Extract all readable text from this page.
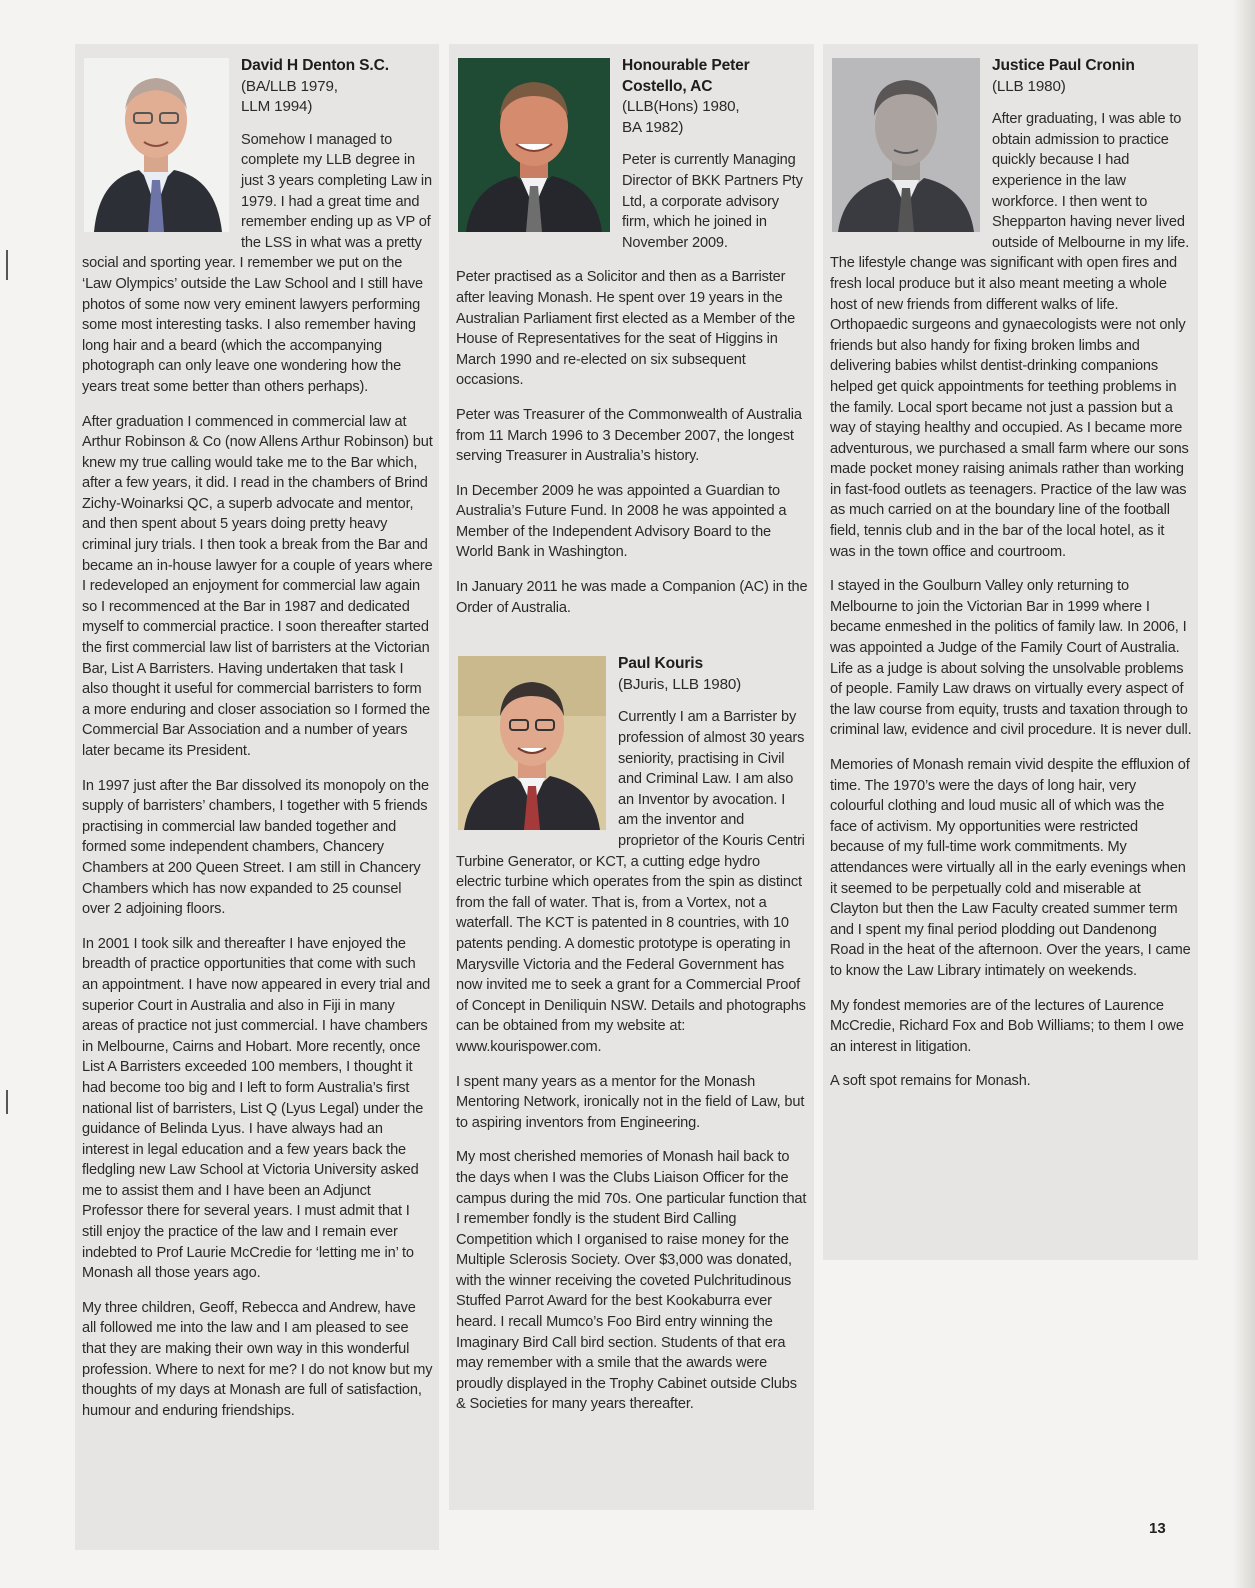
David H Denton S.C.
(BA/LLB 1979,
LLM 1994)

Somehow I managed to complete my LLB degree in just 3 years completing Law in 1979. I had a great time and remember ending up as VP of the LSS in what was a pretty social and sporting year. I remember we put on the ‘Law Olympics’ outside the Law School and I still have photos of some now very eminent lawyers performing some most interesting tasks. I also remember having long hair and a beard (which the accompanying photograph can only leave one wondering how the years treat some better than others perhaps).

After graduation I commenced in commercial law at Arthur Robinson & Co (now Allens Arthur Robinson) but knew my true calling would take me to the Bar which, after a few years, it did. I read in the chambers of Brind Zichy-Woinarksi QC, a superb advocate and mentor, and then spent about 5 years doing pretty heavy criminal jury trials. I then took a break from the Bar and became an in-house lawyer for a couple of years where I redeveloped an enjoyment for commercial law again so I recommenced at the Bar in 1987 and dedicated myself to commercial practice. I soon thereafter started the first commercial law list of barristers at the Victorian Bar, List A Barristers. Having undertaken that task I also thought it useful for commercial barristers to form a more enduring and closer association so I formed the Commercial Bar Association and a number of years later became its President.

In 1997 just after the Bar dissolved its monopoly on the supply of barristers’ chambers, I together with 5 friends practising in commercial law banded together and formed some independent chambers, Chancery Chambers at 200 Queen Street. I am still in Chancery Chambers which has now expanded to 25 counsel over 2 adjoining floors.

In 2001 I took silk and thereafter I have enjoyed the breadth of practice opportunities that come with such an appointment. I have now appeared in every trial and superior Court in Australia and also in Fiji in many areas of practice not just commercial. I have chambers in Melbourne, Cairns and Hobart. More recently, once List A Barristers exceeded 100 members, I thought it had become too big and I left to form Australia’s first national list of barristers, List Q (Lyus Legal) under the guidance of Belinda Lyus. I have always had an interest in legal education and a few years back the fledgling new Law School at Victoria University asked me to assist them and I have been an Adjunct Professor there for several years. I must admit that I still enjoy the practice of the law and I remain ever indebted to Prof Laurie McCredie for ‘letting me in’ to Monash all those years ago.

My three children, Geoff, Rebecca and Andrew, have all followed me into the law and I am pleased to see that they are making their own way in this wonderful profession. Where to next for me? I do not know but my thoughts of my days at Monash are full of satisfaction, humour and enduring friendships.

Honourable Peter
Costello, AC
(LLB(Hons) 1980,
BA 1982)

Peter is currently Managing Director of BKK Partners Pty Ltd, a corporate advisory firm, which he joined in November 2009.

Peter practised as a Solicitor and then as a Barrister after leaving Monash. He spent over 19 years in the Australian Parliament first elected as a Member of the House of Representatives for the seat of Higgins in March 1990 and re-elected on six subsequent occasions.

Peter was Treasurer of the Commonwealth of Australia from 11 March 1996 to 3 December 2007, the longest serving Treasurer in Australia’s history.

In December 2009 he was appointed a Guardian to Australia’s Future Fund. In 2008 he was appointed a Member of the Independent Advisory Board to the World Bank in Washington.

In January 2011 he was made a Companion (AC) in the Order of Australia.

Paul Kouris
(BJuris, LLB 1980)

Currently I am a Barrister by profession of almost 30 years seniority, practising in Civil and Criminal Law. I am also an Inventor by avocation. I am the inventor and proprietor of the Kouris Centri Turbine Generator, or KCT, a cutting edge hydro electric turbine which operates from the spin as distinct from the fall of water. That is, from a Vortex, not a waterfall. The KCT is patented in 8 countries, with 10 patents pending. A domestic prototype is operating in Marysville Victoria and the Federal Government has now invited me to seek a grant for a Commercial Proof of Concept in Deniliquin NSW. Details and photographs can be obtained from my website at: www.kourispower.com.

I spent many years as a mentor for the Monash Mentoring Network, ironically not in the field of Law, but to aspiring inventors from Engineering.

My most cherished memories of Monash hail back to the days when I was the Clubs Liaison Officer for the campus during the mid 70s. One particular function that I remember fondly is the student Bird Calling Competition which I organised to raise money for the Multiple Sclerosis Society. Over $3,000 was donated, with the winner receiving the coveted Pulchritudinous Stuffed Parrot Award for the best Kookaburra ever heard. I recall Mumco’s Foo Bird entry winning the Imaginary Bird Call bird section. Students of that era may remember with a smile that the awards were proudly displayed in the Trophy Cabinet outside Clubs & Societies for many years thereafter.

Justice Paul Cronin
(LLB 1980)

After graduating, I was able to obtain admission to practice quickly because I had experience in the law workforce. I then went to Shepparton having never lived outside of Melbourne in my life. The lifestyle change was significant with open fires and fresh local produce but it also meant meeting a whole host of new friends from different walks of life. Orthopaedic surgeons and gynaecologists were not only friends but also handy for fixing broken limbs and delivering babies whilst dentist-drinking companions helped get quick appointments for teething problems in the family. Local sport became not just a passion but a way of staying healthy and occupied. As I became more adventurous, we purchased a small farm where our sons made pocket money raising animals rather than working in fast-food outlets as teenagers. Practice of the law was as much carried on at the boundary line of the football field, tennis club and in the bar of the local hotel, as it was in the town office and courtroom.

I stayed in the Goulburn Valley only returning to Melbourne to join the Victorian Bar in 1999 where I became enmeshed in the politics of family law. In 2006, I was appointed a Judge of the Family Court of Australia. Life as a judge is about solving the unsolvable problems of people. Family Law draws on virtually every aspect of the law course from equity, trusts and taxation through to criminal law, evidence and civil procedure. It is never dull.

Memories of Monash remain vivid despite the effluxion of time. The 1970’s were the days of long hair, very colourful clothing and loud music all of which was the face of activism. My opportunities were restricted because of my full-time work commitments. My attendances were virtually all in the early evenings when it seemed to be perpetually cold and miserable at Clayton but then the Law Faculty created summer term and I spent my final period plodding out Dandenong Road in the heat of the afternoon. Over the years, I came to know the Law Library intimately on weekends.

My fondest memories are of the lectures of Laurence McCredie, Richard Fox and Bob Williams; to them I owe an interest in litigation.

A soft spot remains for Monash.

13
